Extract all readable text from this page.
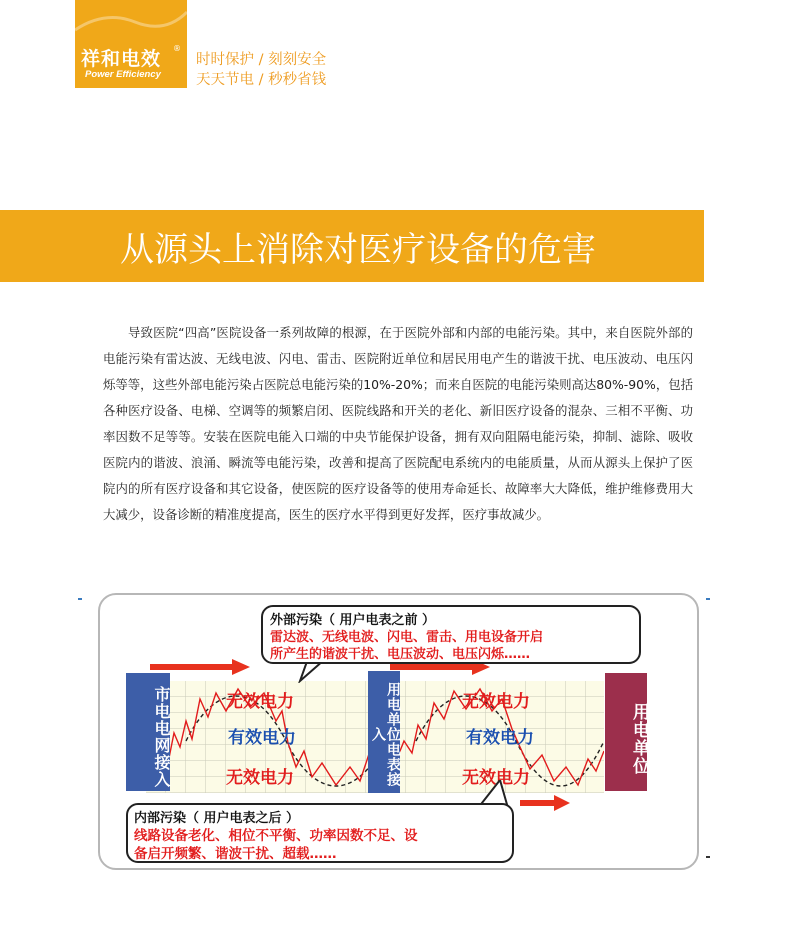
祥和电效 ®
Power Efficiency
时时保护 / 刻刻安全
天天节电 / 秒秒省钱
从源头上消除对医疗设备的危害

导致医院“四高”医院设备一系列故障的根源，在于医院外部和内部的电能污染。其中，来自医院外部的电能污染有雷达波、无线电波、闪电、雷击、医院附近单位和居民用电产生的谐波干扰、电压波动、电压闪烁等等，这些外部电能污染占医院总电能污染的10%-20%；而来自医院的电能污染则高达80%-90%，包括各种医疗设备、电梯、空调等的频繁启闭、医院线路和开关的老化、新旧医疗设备的混杂、三相不平衡、功率因数不足等等。安装在医院电能入口端的中央节能保护设备，拥有双向阻隔电能污染，抑制、滤除、吸收医院内的谐波、浪涌、瞬流等电能污染，改善和提高了医院配电系统内的电能质量，从而从源头上保护了医院内的所有医疗设备和其它设备，使医院的医疗设备等的使用寿命延长、故障率大大降低，维护维修费用大大减少，设备诊断的精准度提高，医生的医疗水平得到更好发挥，医疗事故减少。

市电电网接入	用电单位电表接入	用电单位
无效电力
有效电力
无效电力
无效电力
有效电力
无效电力
外部污染（ 用户电表之前 ）
雷达波、无线电波、闪电、雷击、用电设备开启
所产生的谐波干扰、电压波动、电压闪烁……
内部污染（ 用户电表之后 ）
线路设备老化、相位不平衡、功率因数不足、设
备启开频繁、谐波干扰、超载……
